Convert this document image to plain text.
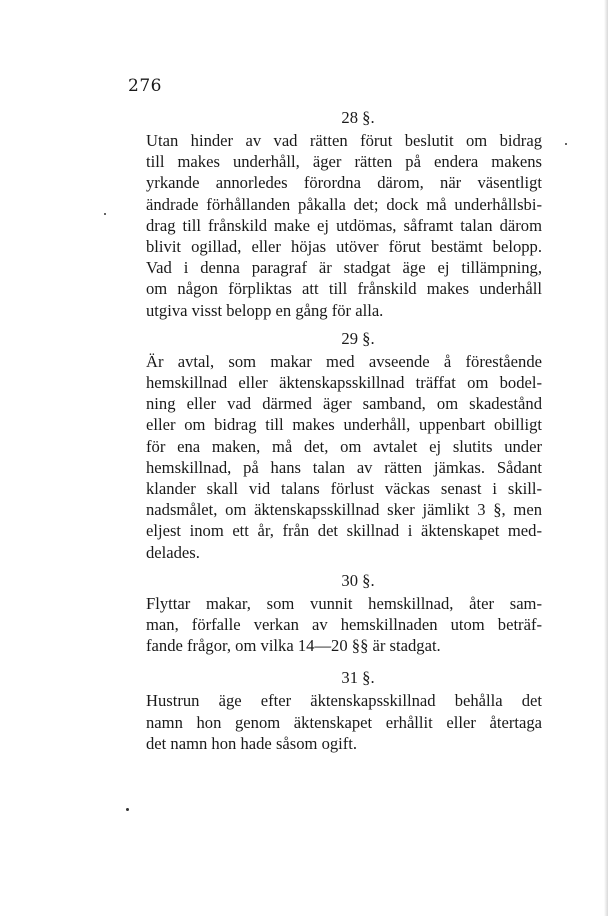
276
28 §.
Utan hinder av vad rätten förut beslutit om bidrag
till makes underhåll, äger rätten på endera makens
yrkande annorledes förordna därom, när väsentligt
ändrade förhållanden påkalla det; dock må underhållsbi-
drag till frånskild make ej utdömas, såframt talan därom
blivit ogillad, eller höjas utöver förut bestämt belopp.
Vad i denna paragraf är stadgat äge ej tillämpning,
om någon förpliktas att till frånskild makes underhåll
utgiva visst belopp en gång för alla.
29 §.
Är avtal, som makar med avseende å förestående
hemskillnad eller äktenskapsskillnad träffat om bodel-
ning eller vad därmed äger samband, om skadestånd
eller om bidrag till makes underhåll, uppenbart obilligt
för ena maken, må det, om avtalet ej slutits under
hemskillnad, på hans talan av rätten jämkas. Sådant
klander skall vid talans förlust väckas senast i skill-
nadsmålet, om äktenskapsskillnad sker jämlikt 3 §, men
eljest inom ett år, från det skillnad i äktenskapet med-
delades.
30 §.
Flyttar makar, som vunnit hemskillnad, åter sam-
man, förfalle verkan av hemskillnaden utom beträf-
fande frågor, om vilka 14—20 §§ är stadgat.
31 §.
Hustrun äge efter äktenskapsskillnad behålla det
namn hon genom äktenskapet erhållit eller återtaga
det namn hon hade såsom ogift.
